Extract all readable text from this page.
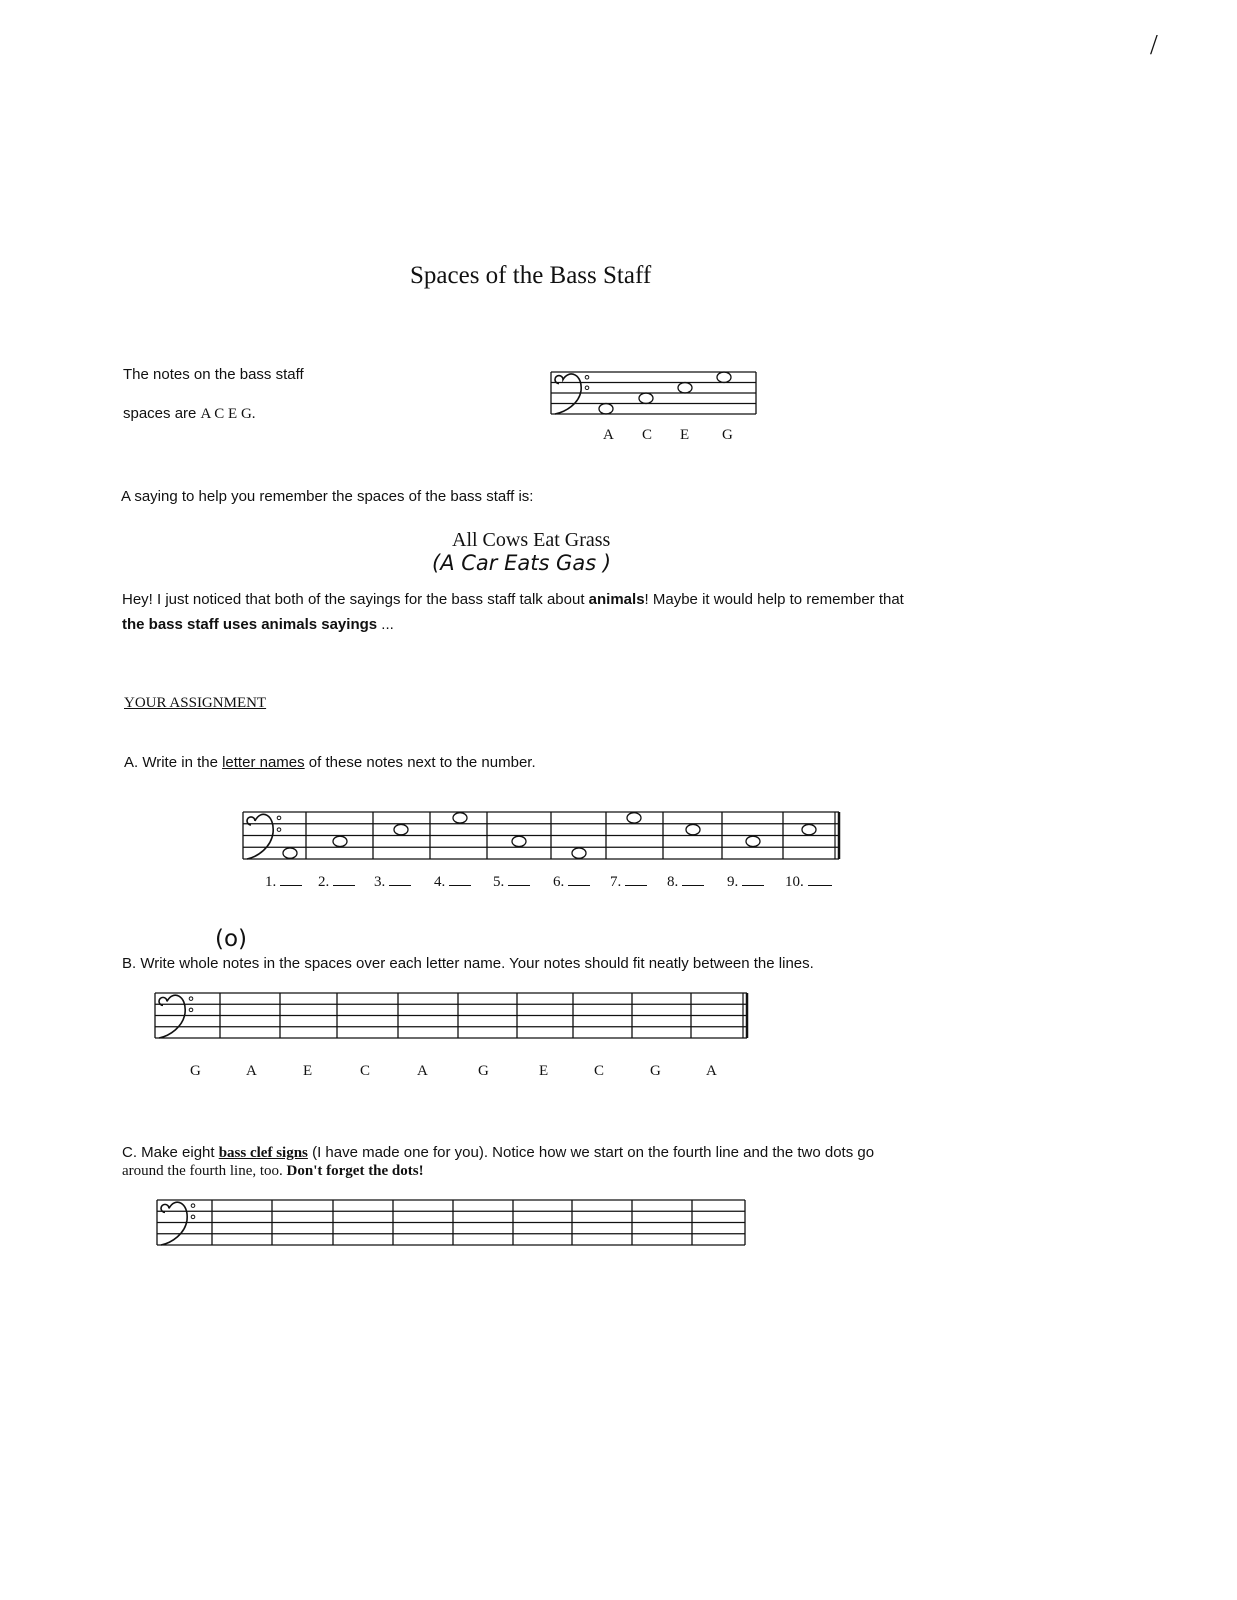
/
Spaces of the Bass Staff
The notes on the bass staff
spaces are A C E G.
A C E G
A saying to help you remember the spaces of the bass staff is:
All Cows Eat Grass
(A Car Eats Gas )
Hey! I just noticed that both of the sayings for the bass staff talk about animals! Maybe it would help to remember that
the bass staff uses animals sayings ...
YOUR ASSIGNMENT
A. Write in the letter names of these notes next to the number.
1.	2.	3.	4.	5.	6.	7.	8.	9.	10.
(o)
B. Write whole notes in the spaces over each letter name. Your notes should fit neatly between the lines.
G	A	E	C	A	G	E	C	G	A
C. Make eight bass clef signs (I have made one for you). Notice how we start on the fourth line and the two dots go
around the fourth line, too. Don't forget the dots!
